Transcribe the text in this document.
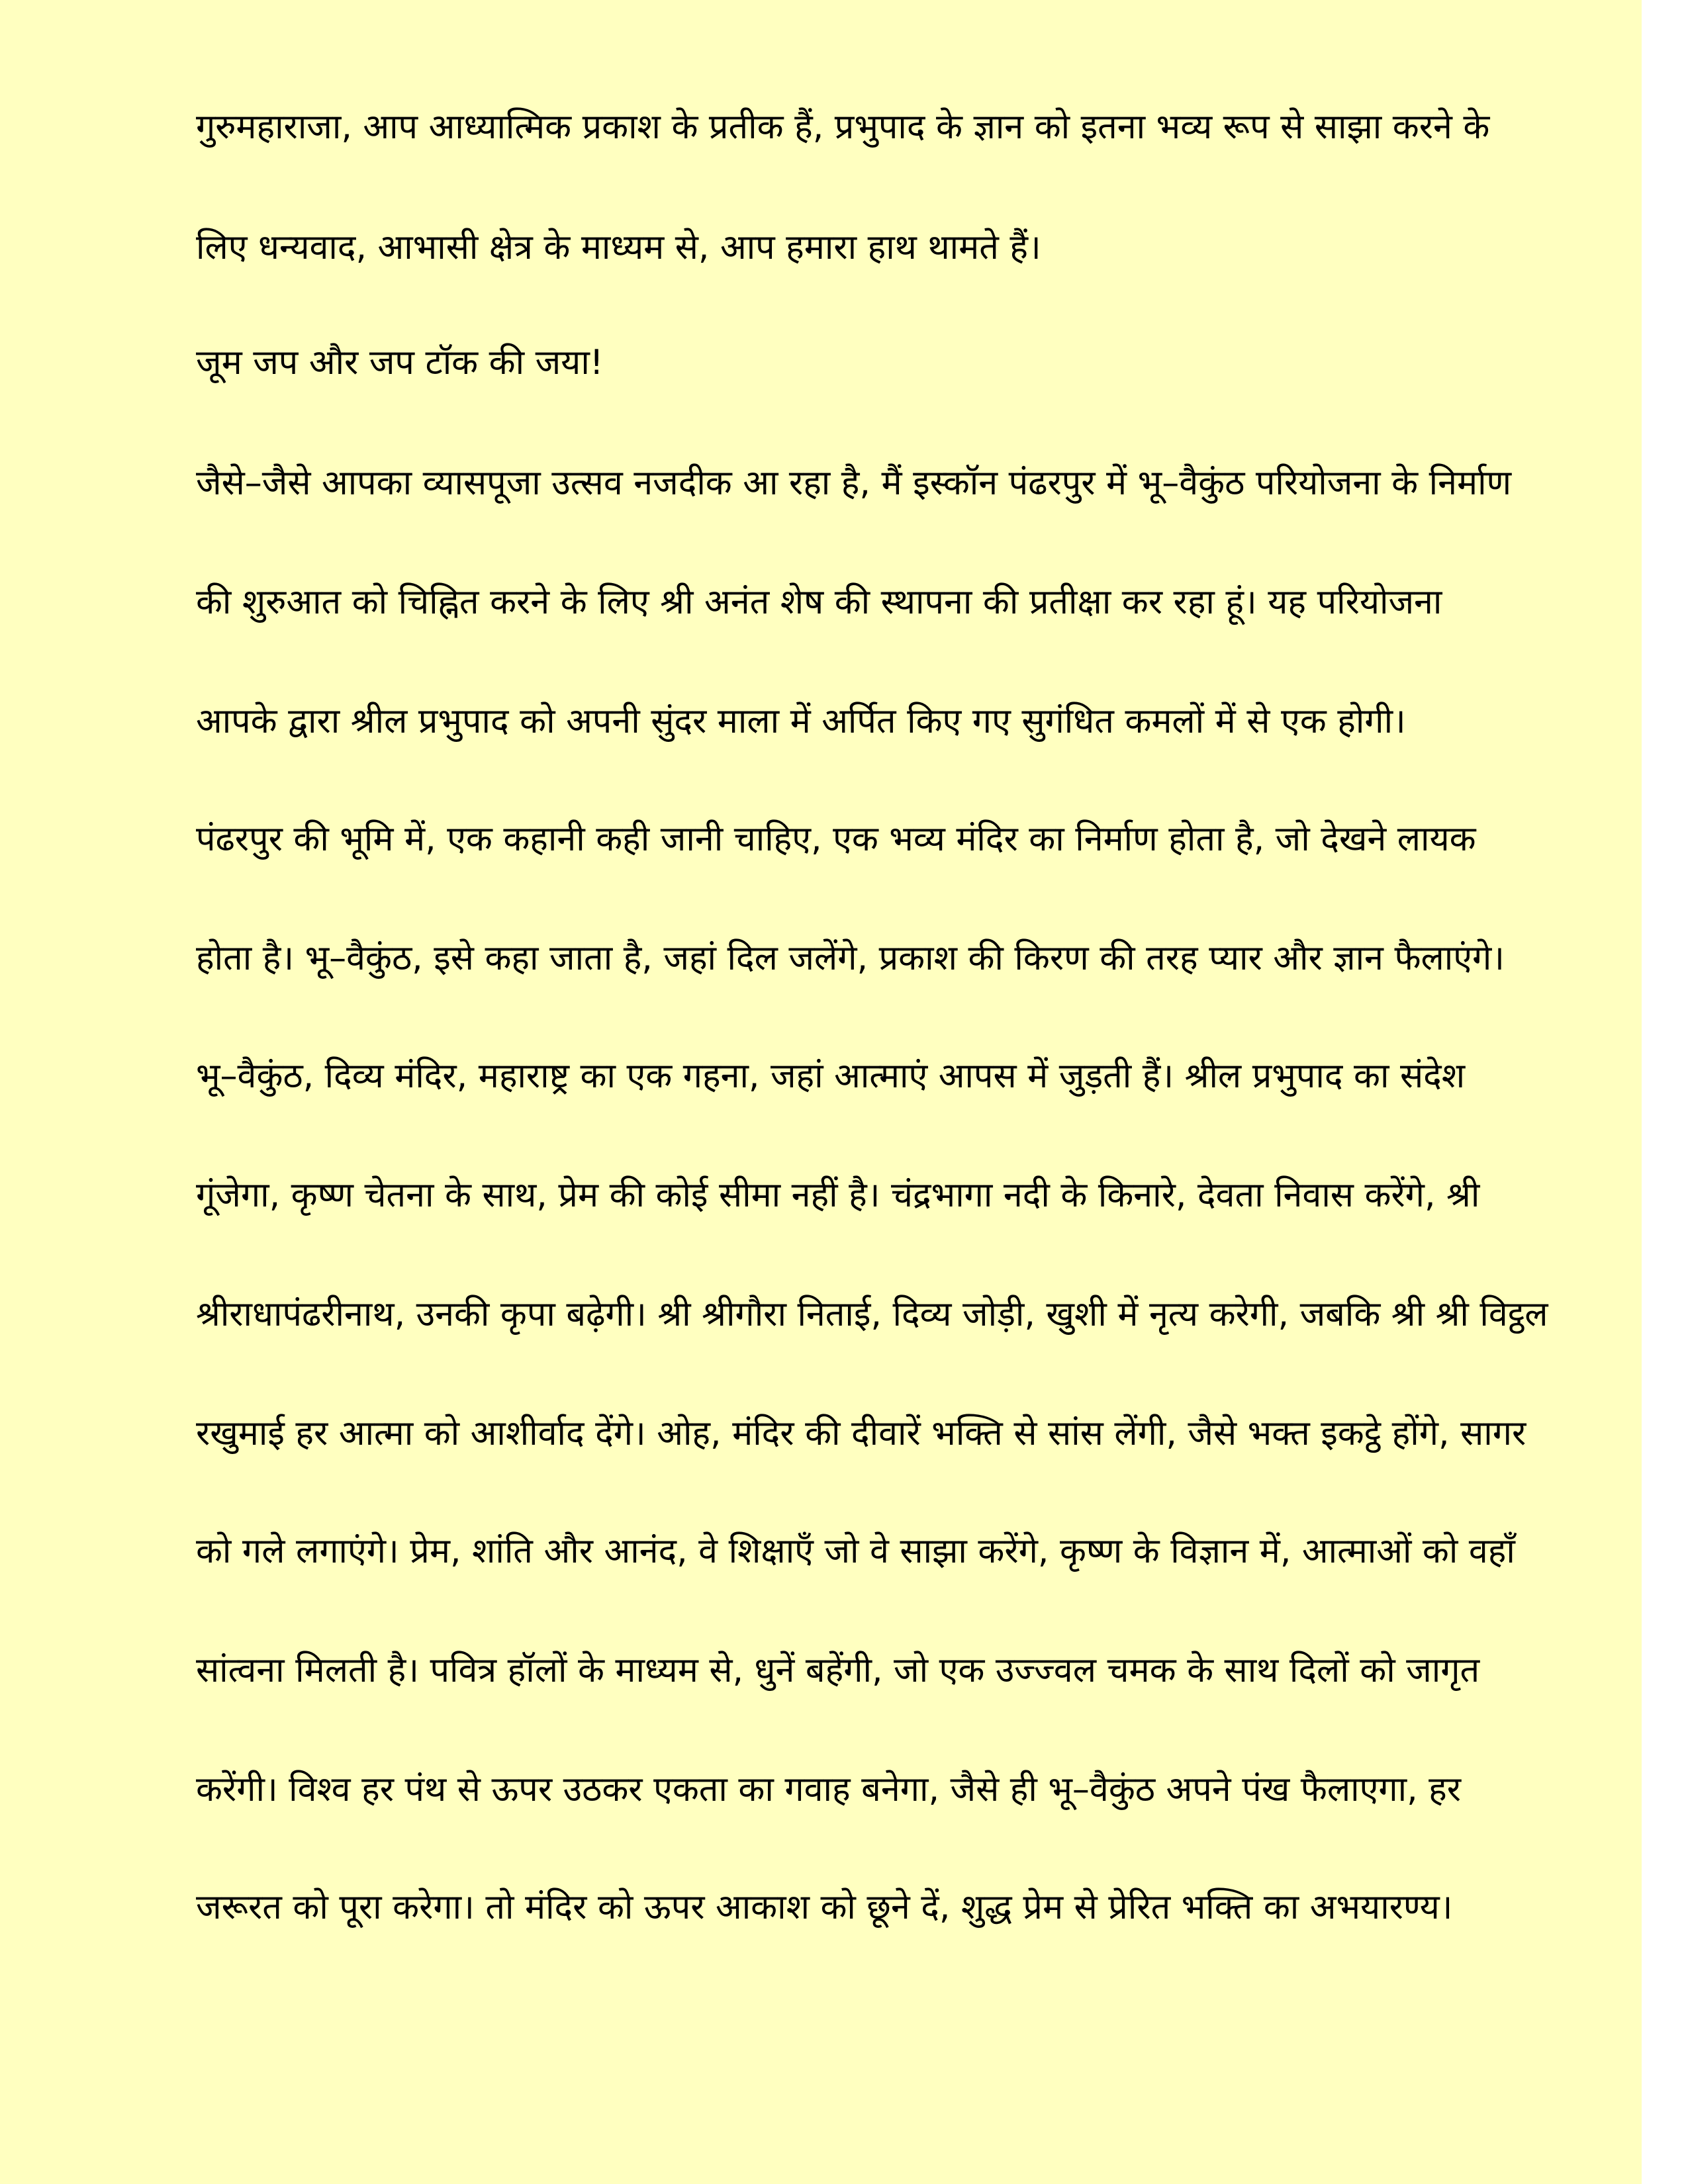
गुरुमहाराजा, आप आध्यात्मिक प्रकाश के प्रतीक हैं, प्रभुपाद के ज्ञान को इतना भव्य रूप से साझा करने के
लिए धन्यवाद, आभासी क्षेत्र के माध्यम से, आप हमारा हाथ थामते हैं।
जूम जप और जप टॉक की जया!
जैसे–जैसे आपका व्यासपूजा उत्सव नजदीक आ रहा है, मैं इस्कॉन पंढरपुर में भू–वैकुंठ परियोजना के निर्माण
की शुरुआत को चिह्नित करने के लिए श्री अनंत शेष की स्थापना की प्रतीक्षा कर रहा हूं। यह परियोजना
आपके द्वारा श्रील प्रभुपाद को अपनी सुंदर माला में अर्पित किए गए सुगंधित कमलों में से एक होगी।
पंढरपुर की भूमि में, एक कहानी कही जानी चाहिए, एक भव्य मंदिर का निर्माण होता है, जो देखने लायक
होता है। भू–वैकुंठ, इसे कहा जाता है, जहां दिल जलेंगे, प्रकाश की किरण की तरह प्यार और ज्ञान फैलाएंगे।
भू–वैकुंठ, दिव्य मंदिर, महाराष्ट्र का एक गहना, जहां आत्माएं आपस में जुड़ती हैं। श्रील प्रभुपाद का संदेश
गूंजेगा, कृष्ण चेतना के साथ, प्रेम की कोई सीमा नहीं है। चंद्रभागा नदी के किनारे, देवता निवास करेंगे, श्री
श्रीराधापंढरीनाथ, उनकी कृपा बढ़ेगी। श्री श्रीगौरा निताई, दिव्य जोड़ी, खुशी में नृत्य करेगी, जबकि श्री श्री विट्ठल
रखुमाई हर आत्मा को आशीर्वाद देंगे। ओह, मंदिर की दीवारें भक्ति से सांस लेंगी, जैसे भक्त इकट्ठे होंगे, सागर
को गले लगाएंगे। प्रेम, शांति और आनंद, वे शिक्षाएँ जो वे साझा करेंगे, कृष्ण के विज्ञान में, आत्माओं को वहाँ
सांत्वना मिलती है। पवित्र हॉलों के माध्यम से, धुनें बहेंगी, जो एक उज्ज्वल चमक के साथ दिलों को जागृत
करेंगी। विश्व हर पंथ से ऊपर उठकर एकता का गवाह बनेगा, जैसे ही भू–वैकुंठ अपने पंख फैलाएगा, हर
जरूरत को पूरा करेगा। तो मंदिर को ऊपर आकाश को छूने दें, शुद्ध प्रेम से प्रेरित भक्ति का अभयारण्य।
